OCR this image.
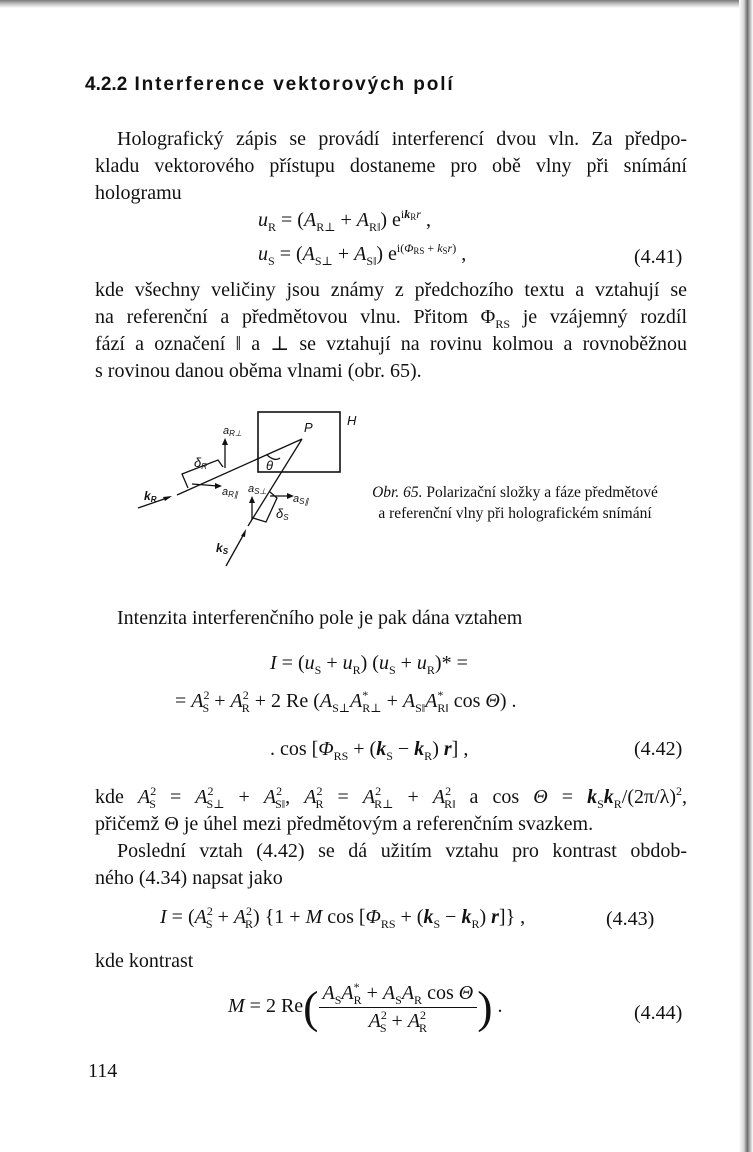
4.2.2 Interference vektorových polí
Holografický zápis se provádí interferencí dvou vln. Za předpo-
kladu vektorového přístupu dostaneme pro obě vlny při snímání
hologramu
$u_R = (A_{R\perp} + A_{R‖})$ $e^{ik_Rr}$ ,
$u_S = (A_{S\perp} + A_{S‖})$ $e^{i(\Phi_{RS} + k_Sr)}$ ,	(4.41)
kde všechny veličiny jsou známy z předchozího textu a vztahují se
na referenční a předmětovou vlnu. Přitom $\Phi_{RS}$ je vzájemný rozdíl
fází a označení ‖ a ⊥ se vztahují na rovinu kolmou a rovnoběžnou
s rovinou danou oběma vlnami (obr. 65).
H
P
θ
aR⊥
δR
aR∥
kR
aS⊥
aS∥
δS
kS
Obr. 65. Polarizační složky a fáze předmětové a referenční vlny při holografickém snímání
Intenzita interferenčního pole je pak dána vztahem
$I = (u_S + u_R) (u_S + u_R)*$ =
= $A^2_S + A^2_R + 2$ Re ($A_{S\perp}A^*_{R\perp} + A_{S‖}A^*_{R‖}$ cos Θ) .
. $\cos [\Phi_{RS} + (k_S - k_R)$ r] ,	(4.42)
kde $A^2_S = A^2_{S\perp} + A^2_{S‖}$, $A^2_R = A^2_{R\perp} + A^2_{R‖}$ a $\cos \Theta = k_Sk_R/(2\pi/\lambda)^2$,
přičemž Θ je úhel mezi předmětovým a referenčním svazkem.
Poslední vztah (4.42) se dá užitím vztahu pro kontrast obdob-
ného (4.34) napsat jako
$I = (A^2_S + A^2_R) \{1 + M$ $\cos [\Phi_{RS} + (k_S - k_R)$ r]} ,	(4.43)
kde kontrast
M = 2 $Re( \frac{A_SA^*_R + A_SA_R \cos \Theta}{A^2_S + A^2_R}$ ) .	(4.44)
114
